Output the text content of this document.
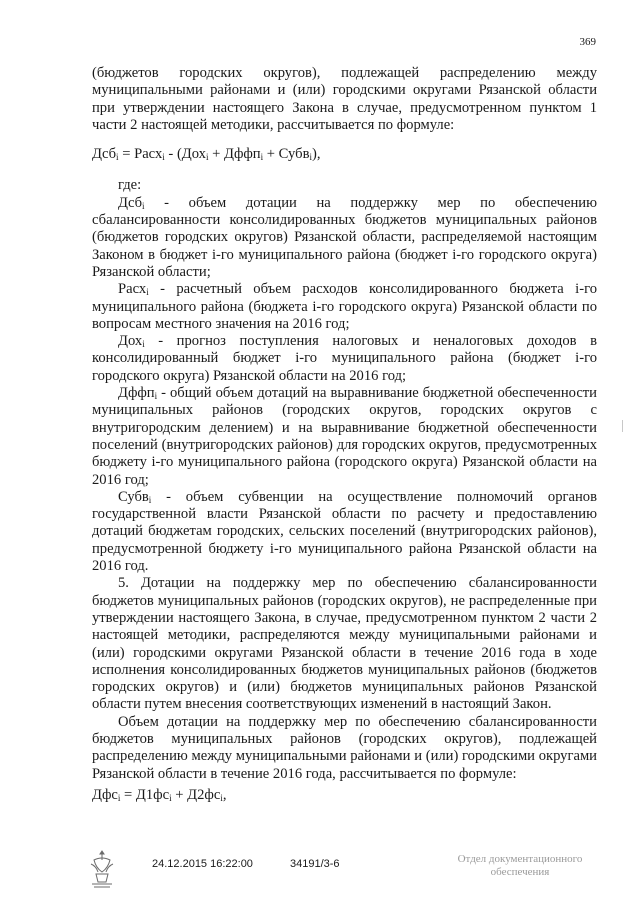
369

(бюджетов городских округов), подлежащей распределению между муниципальными районами и (или) городскими округами Рязанской области при утверждении настоящего Закона в случае, предусмотренном пунктом 1 части 2 настоящей методики, рассчитывается по формуле:

Дсб$_i$ = Расх$_i$ - (Дох$_i$ + Дффп$_i$ + Субв$_i$),

где:

Дсб$_i$ - объем дотации на поддержку мер по обеспечению сбалансированности консолидированных бюджетов муниципальных районов (бюджетов городских округов) Рязанской области, распределяемой настоящим Законом в бюджет i-го муниципального района (бюджет i-го городского округа) Рязанской области;

Расх$_i$ - расчетный объем расходов консолидированного бюджета i-го муниципального района (бюджета i-го городского округа) Рязанской области по вопросам местного значения на 2016 год;

Дох$_i$ - прогноз поступления налоговых и неналоговых доходов в консолидированный бюджет i-го муниципального района (бюджет i-го городского округа) Рязанской области на 2016 год;

Дффп$_i$ - общий объем дотаций на выравнивание бюджетной обеспеченности муниципальных районов (городских округов, городских округов с внутригородским делением) и на выравнивание бюджетной обеспеченности поселений (внутригородских районов) для городских округов, предусмотренных бюджету i-го муниципального района (городского округа) Рязанской области на 2016 год;

Субв$_i$ - объем субвенции на осуществление полномочий органов государственной власти Рязанской области по расчету и предоставлению дотаций бюджетам городских, сельских поселений (внутригородских районов), предусмотренной бюджету i-го муниципального района Рязанской области на 2016 год.

5. Дотации на поддержку мер по обеспечению сбалансированности бюджетов муниципальных районов (городских округов), не распределенные при утверждении настоящего Закона, в случае, предусмотренном пунктом 2 части 2 настоящей методики, распределяются между муниципальными районами и (или) городскими округами Рязанской области в течение 2016 года в ходе исполнения консолидированных бюджетов муниципальных районов (бюджетов городских округов) и (или) бюджетов муниципальных районов Рязанской области путем внесения соответствующих изменений в настоящий Закон.

Объем дотации на поддержку мер по обеспечению сбалансированности бюджетов муниципальных районов (городских округов), подлежащей распределению между муниципальными районами и (или) городскими округами Рязанской области в течение 2016 года, рассчитывается по формуле:

$Дфс_i = Д1фс_i + Д2фс_i$,

24.12.2015 16:22:00	34191/3-6	Отдел документационного
обеспечения
